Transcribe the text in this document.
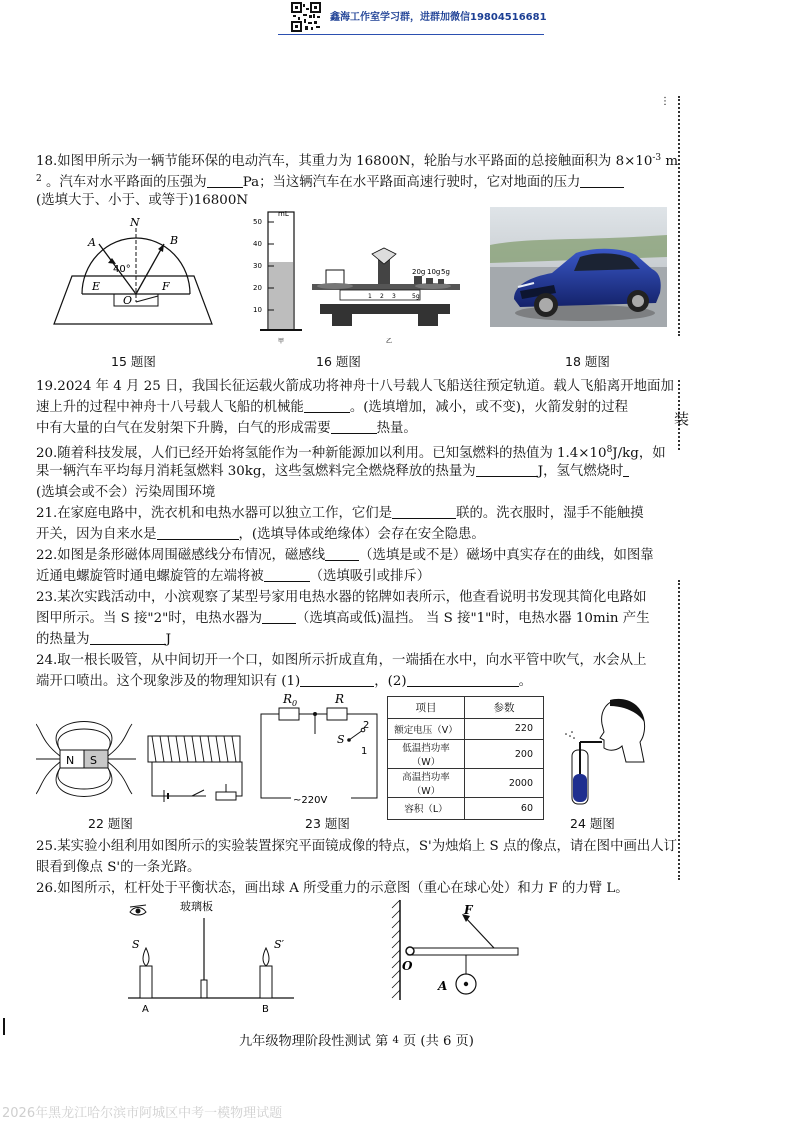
鑫海工作室学习群，进群加微信19804516681
⋮
装
18.如图甲所示为一辆节能环保的电动汽车，其重力为 16800N，轮胎与水平路面的总接触面积为 $8\times 10^{-3}$ m
$^2$ 。汽车对水平路面的压强为	Pa；当这辆汽车在水平路面高速行驶时，它对地面的压力
(选填大于、小于、或等于)16800N
N
A	B
E	F
O
40°
mL
50
40
30
20
10
甲
1 2 3	5g
20g 10g 5g
乙
15 题图	16 题图	18 题图
19.2024 年 4 月 25 日，我国长征运载火箭成功将神舟十八号载人飞船送往预定轨道。载人飞船离开地面加
速上升的过程中神舟十八号载人飞船的机械能	。(选填增加，减小，或不变)，火箭发射的过程
中有大量的白气在发射架下升腾，白气的形成需要	热量。
20.随着科技发展，人们已经开始将氢能作为一种新能源加以利用。已知氢燃料的热值为 $1.4\times 10^8J/kg$，如
果一辆汽车平均每月消耗氢燃料 30kg，这些氢燃料完全燃烧释放的热量为	J，氢气燃烧时
(选填会或不会）污染周围环境
21.在家庭电路中，洗衣机和电热水器可以独立工作，它们是	联的。洗衣服时，湿手不能触摸
开关，因为自来水是	，(选填导体或绝缘体）会存在安全隐患。
22.如图是条形磁体周围磁感线分布情况，磁感线	（选填是或不是）磁场中真实存在的曲线，如图靠
近通电螺旋管时通电螺旋管的左端将被	（选填吸引或排斥）
23.某次实践活动中，小滨观察了某型号家用电热水器的铭牌如表所示，他查看说明书发现其简化电路如
图甲所示。当 S 接"2"时，电热水器为	（选填高或低)温挡。 当 S 接"1"时，电热水器 10min 产生
的热量为	J
24.取一根长吸管，从中间切开一个口，如图所示折成直角，一端插在水中，向水平管中吹气，水会从上
端开口喷出。这个现象涉及的物理知识有 (1)	，(2)	。
N S
$R_0$	R
S
2
1
~220V
项目	参数
额定电压（V）	220
低温挡功率（W）	200
高温挡功率（W）	2000
容积（L）	60
22 题图	23 题图	24 题图
25.某实验小组利用如图所示的实验装置探究平面镜成像的特点，S'为烛焰上 S 点的像点，请在图中画出人订
眼看到像点 S'的一条光路。
26.如图所示，杠杆处于平衡状态，画出球 A 所受重力的示意图（重心在球心处）和力 F 的力臂 L。
玻璃板
S	S′
A	B
F
O
A
九年级物理阶段性测试 第 4 页 (共 6 页)
2026年黑龙江哈尔滨市阿城区中考一模物理试题
